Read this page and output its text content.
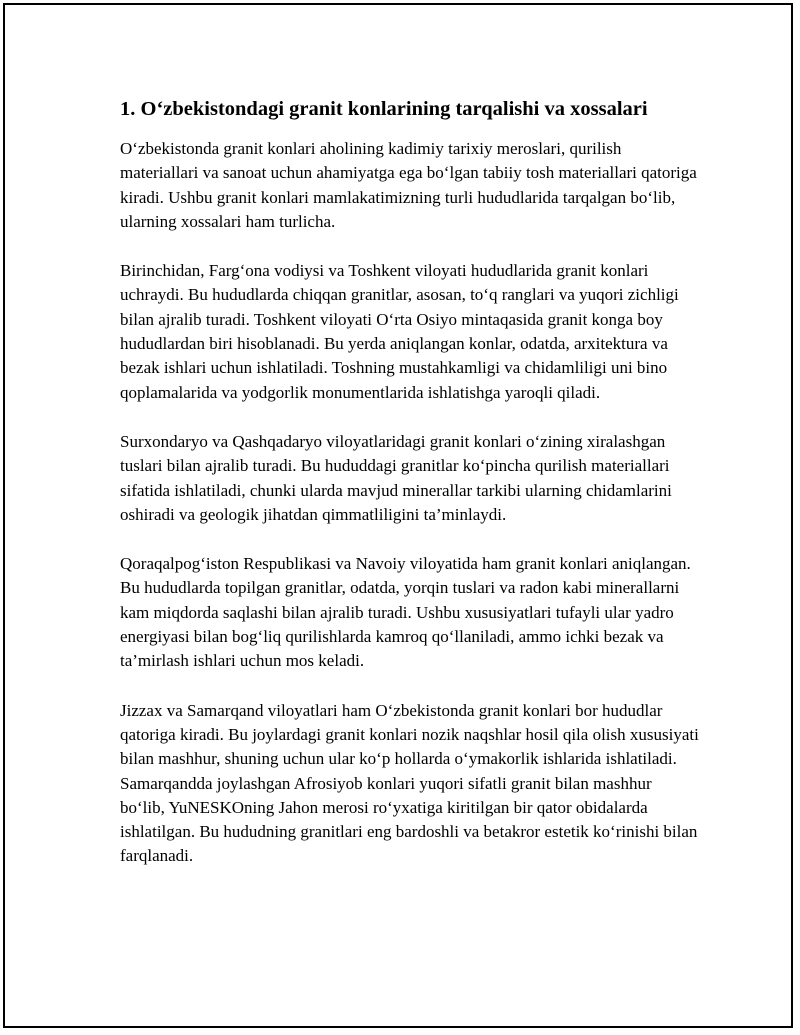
1. O‘zbekistondagi granit konlarining tarqalishi va xossalari

O‘zbekistonda granit konlari aholining kadimiy tarixiy meroslari, qurilish materiallari va sanoat uchun ahamiyatga ega bo‘lgan tabiiy tosh materiallari qatoriga kiradi. Ushbu granit konlari mamlakatimizning turli hududlarida tarqalgan bo‘lib, ularning xossalari ham turlicha.

Birinchidan, Farg‘ona vodiysi va Toshkent viloyati hududlarida granit konlari uchraydi. Bu hududlarda chiqqan granitlar, asosan, to‘q ranglari va yuqori zichligi bilan ajralib turadi. Toshkent viloyati O‘rta Osiyo mintaqasida granit konga boy hududlardan biri hisoblanadi. Bu yerda aniqlangan konlar, odatda, arxitektura va bezak ishlari uchun ishlatiladi. Toshning mustahkamligi va chidamliligi uni bino qoplamalarida va yodgorlik monumentlarida ishlatishga yaroqli qiladi.

Surxondaryo va Qashqadaryo viloyatlaridagi granit konlari o‘zining xiralashgan tuslari bilan ajralib turadi. Bu hududdagi granitlar ko‘pincha qurilish materiallari sifatida ishlatiladi, chunki ularda mavjud minerallar tarkibi ularning chidamlarini oshiradi va geologik jihatdan qimmatliligini ta’minlaydi.

Qoraqalpog‘iston Respublikasi va Navoiy viloyatida ham granit konlari aniqlangan. Bu hududlarda topilgan granitlar, odatda, yorqin tuslari va radon kabi minerallarni kam miqdorda saqlashi bilan ajralib turadi. Ushbu xususiyatlari tufayli ular yadro energiyasi bilan bog‘liq qurilishlarda kamroq qo‘llaniladi, ammo ichki bezak va ta’mirlash ishlari uchun mos keladi.

Jizzax va Samarqand viloyatlari ham O‘zbekistonda granit konlari bor hududlar qatoriga kiradi. Bu joylardagi granit konlari nozik naqshlar hosil qila olish xususiyati bilan mashhur, shuning uchun ular ko‘p hollarda o‘ymakorlik ishlarida ishlatiladi. Samarqandda joylashgan Afrosiyob konlari yuqori sifatli granit bilan mashhur bo‘lib, YuNESKOning Jahon merosi ro‘yxatiga kiritilgan bir qator obidalarda ishlatilgan. Bu hududning granitlari eng bardoshli va betakror estetik ko‘rinishi bilan farqlanadi.
